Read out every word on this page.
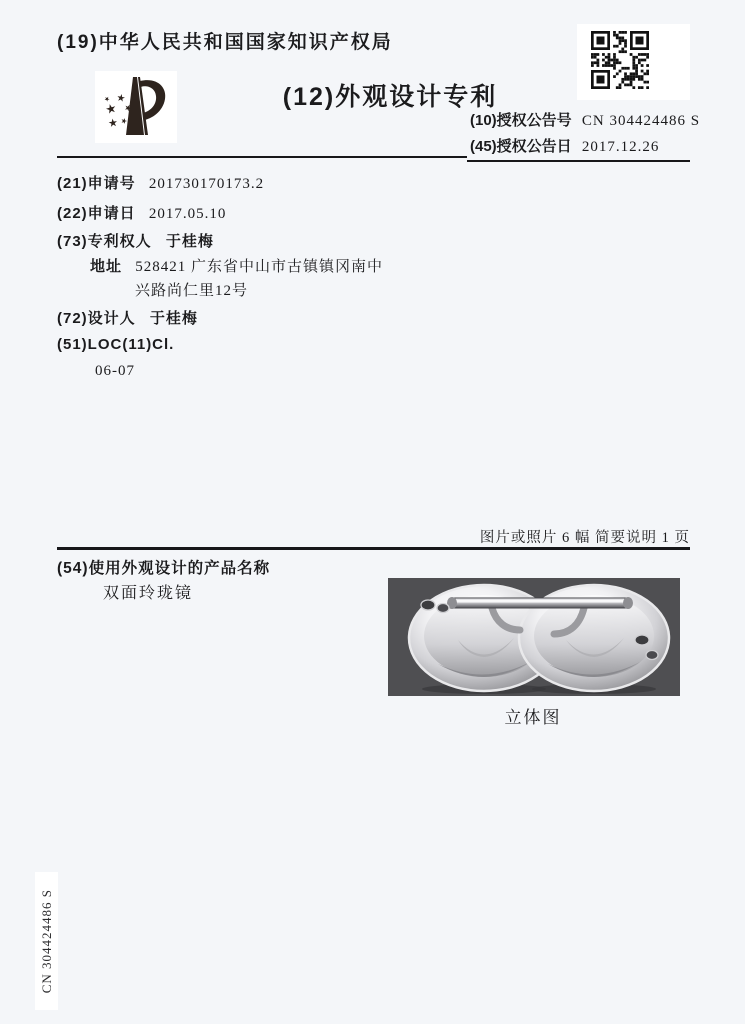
(19)中华人民共和国国家知识产权局
(12)外观设计专利
(10)授权公告号 CN 304424486 S
(45)授权公告日 2017.12.26
(21)申请号 201730170173.2
(22)申请日 2017.05.10
(73)专利权人 于桂梅
地址 528421 广东省中山市古镇镇冈南中
兴路尚仁里12号
(72)设计人 于桂梅
(51)LOC(11)Cl.
06-07
图片或照片 6 幅 简要说明 1 页
(54)使用外观设计的产品名称
双面玲珑镜
立体图
CN 304424486 S
